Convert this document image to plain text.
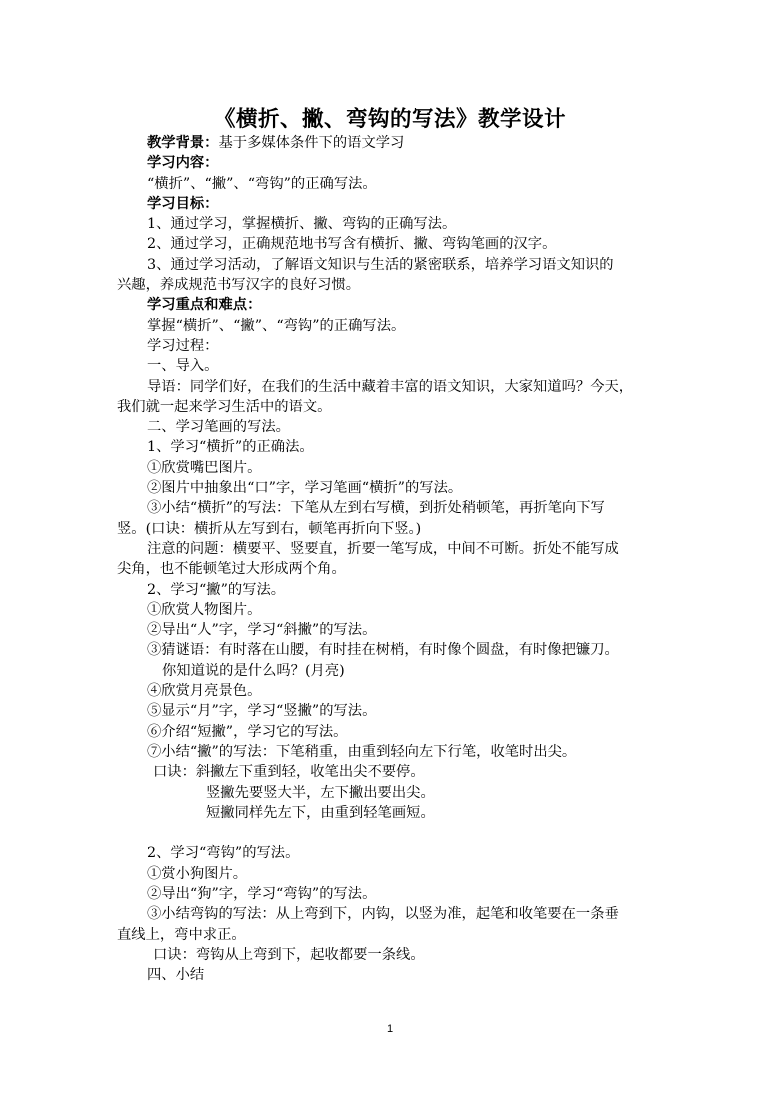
《横折、撇、弯钩的写法》教学设计
教学背景：基于多媒体条件下的语文学习
学习内容：
“横折”、“撇”、“弯钩”的正确写法。
学习目标：
1、通过学习，掌握横折、撇、弯钩的正确写法。
2、通过学习，正确规范地书写含有横折、撇、弯钩笔画的汉字。
3、通过学习活动，了解语文知识与生活的紧密联系，培养学习语文知识的
兴趣，养成规范书写汉字的良好习惯。
学习重点和难点：
掌握“横折”、“撇”、“弯钩”的正确写法。
学习过程：
一、导入。
导语：同学们好，在我们的生活中藏着丰富的语文知识，大家知道吗？今天，
我们就一起来学习生活中的语文。
二、学习笔画的写法。
1、学习“横折”的正确法。
①欣赏嘴巴图片。
②图片中抽象出“口”字，学习笔画“横折”的写法。
③小结“横折”的写法：下笔从左到右写横，到折处稍顿笔，再折笔向下写
竖。(口诀：横折从左写到右，顿笔再折向下竖。)
注意的问题：横要平、竖要直，折要一笔写成，中间不可断。折处不能写成
尖角，也不能顿笔过大形成两个角。
2、学习“撇”的写法。
①欣赏人物图片。
②导出“人”字，学习“斜撇”的写法。
③猜谜语：有时落在山腰，有时挂在树梢，有时像个圆盘，有时像把镰刀。
你知道说的是什么吗？(月亮)
④欣赏月亮景色。
⑤显示“月”字，学习“竖撇”的写法。
⑥介绍“短撇”，学习它的写法。
⑦小结“撇”的写法：下笔稍重，由重到轻向左下行笔，收笔时出尖。
口诀：斜撇左下重到轻，收笔出尖不要停。
竖撇先要竖大半，左下撇出要出尖。
短撇同样先左下，由重到轻笔画短。
2、学习“弯钩”的写法。
①赏小狗图片。
②导出“狗”字，学习“弯钩”的写法。
③小结弯钩的写法：从上弯到下，内钩，以竖为准，起笔和收笔要在一条垂
直线上，弯中求正。
口诀：弯钩从上弯到下，起收都要一条线。
四、小结
1
